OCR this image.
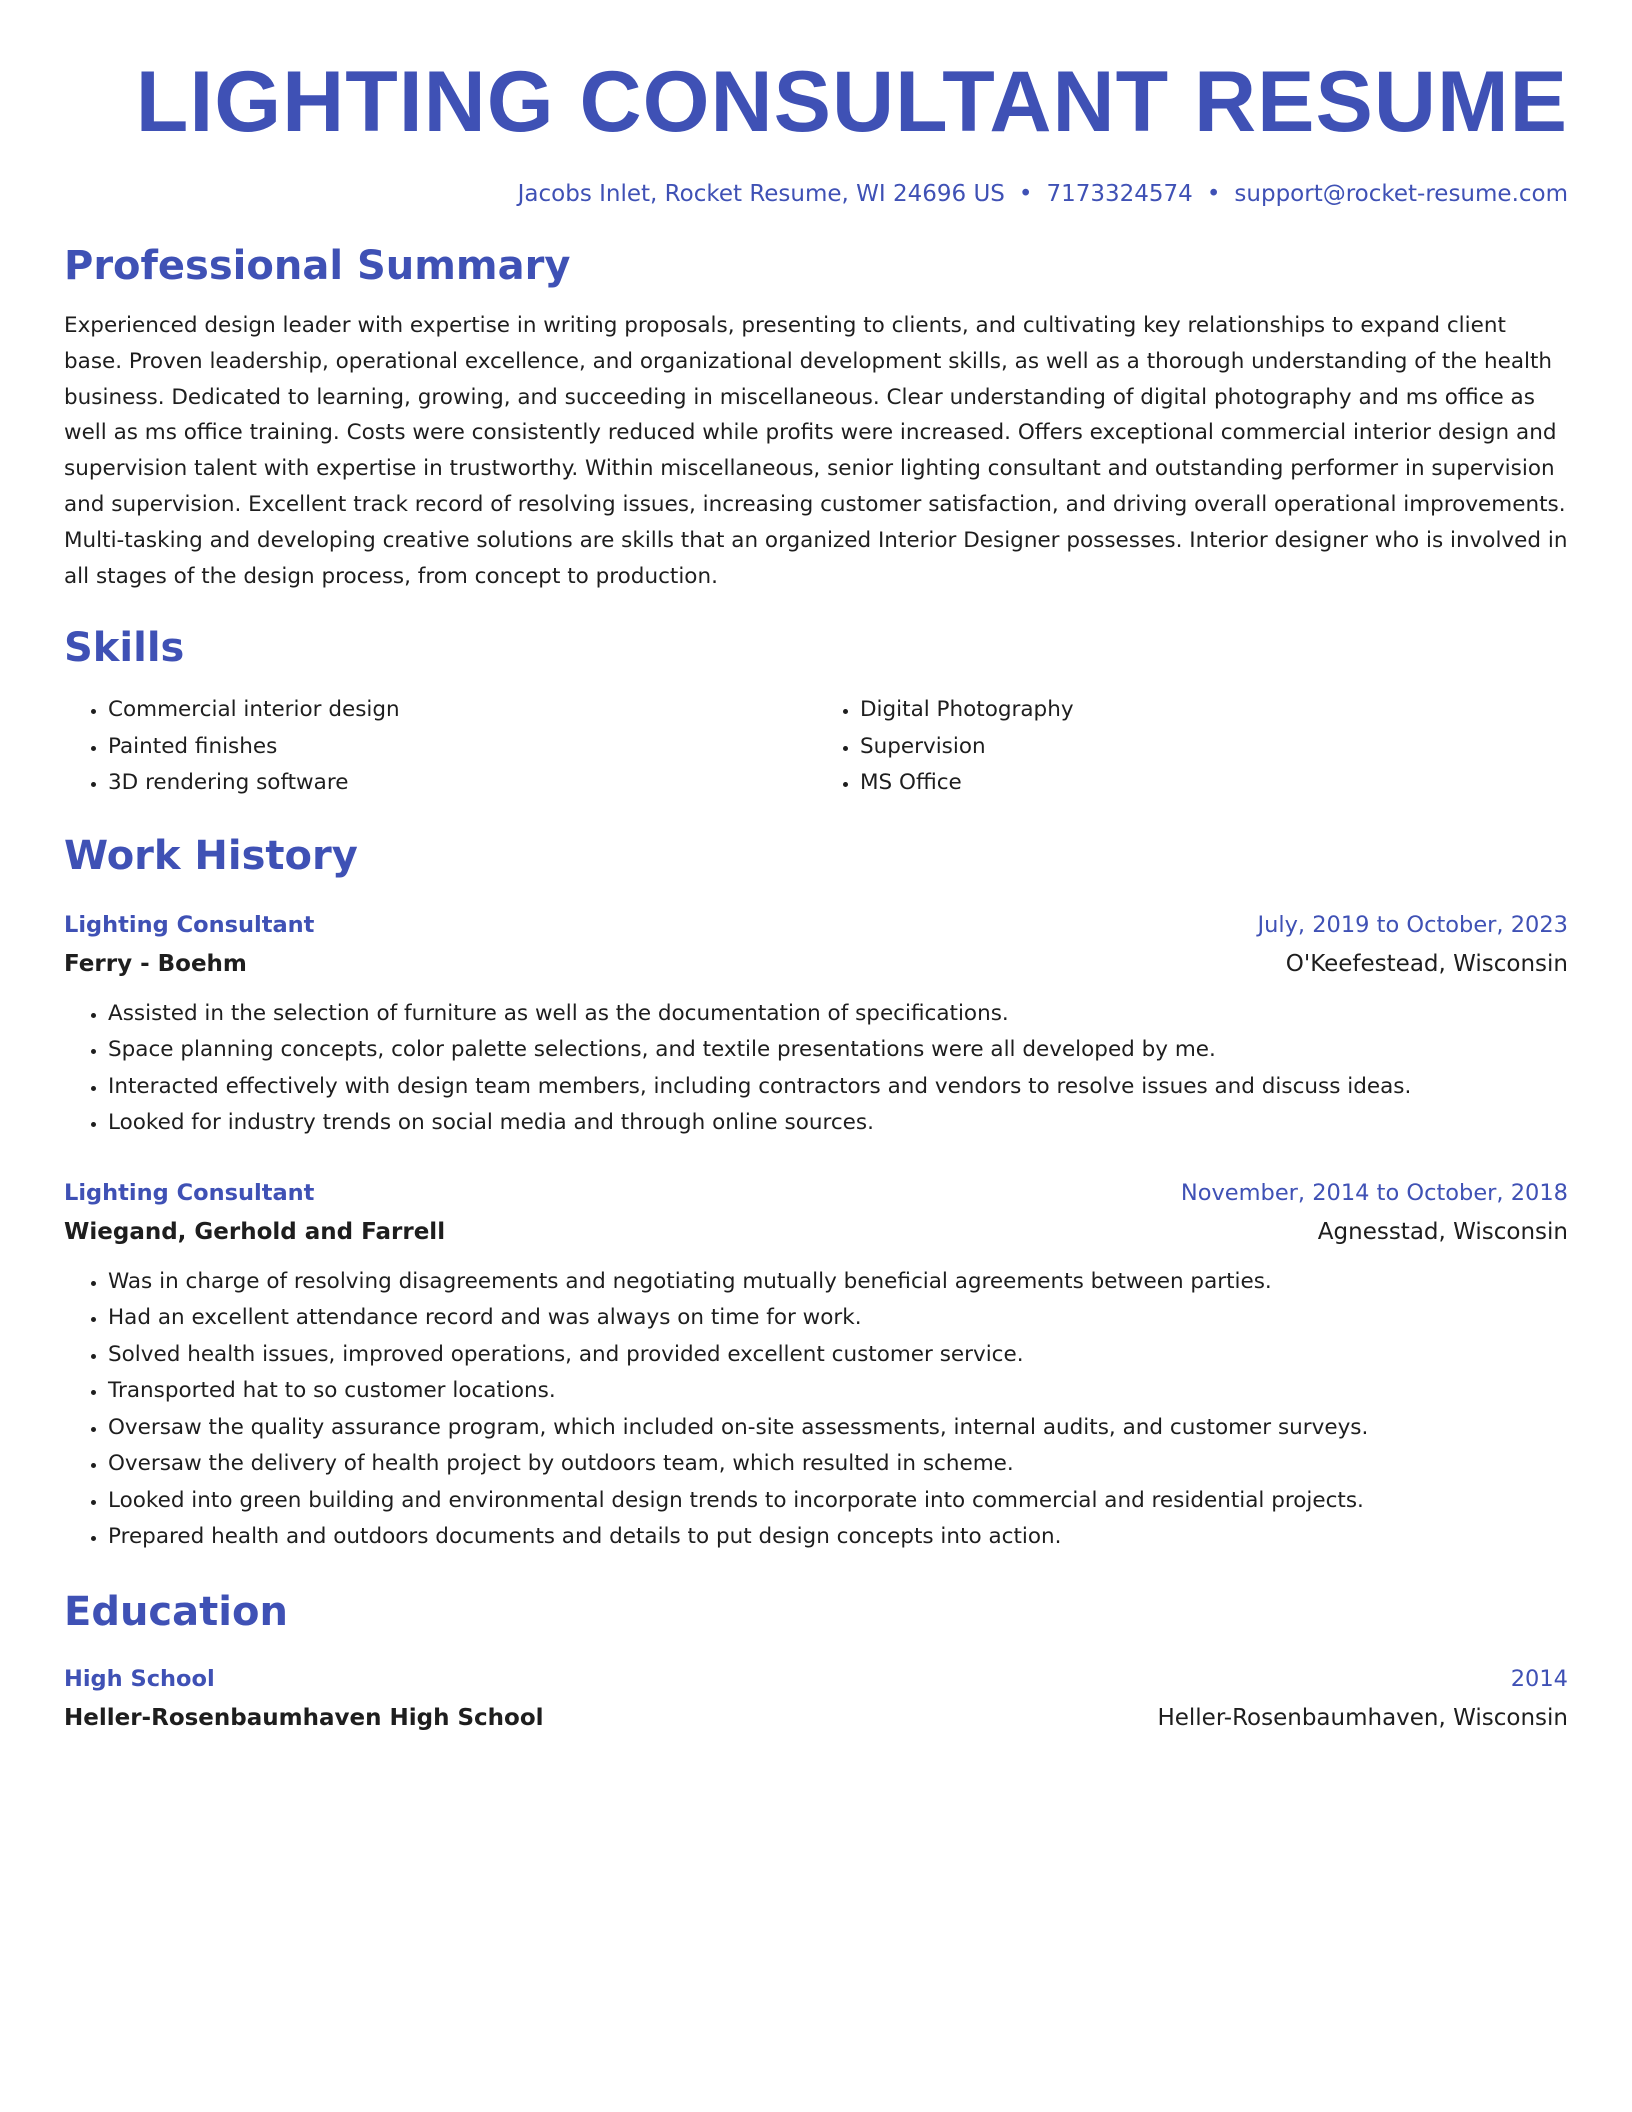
LIGHTING CONSULTANT RESUME
Jacobs Inlet, Rocket Resume, WI 24696 US • 7173324574 • support@rocket-resume.com
Professional Summary
Experienced design leader with expertise in writing proposals, presenting to clients, and cultivating key relationships to expand client base. Proven leadership, operational excellence, and organizational development skills, as well as a thorough understanding of the health business. Dedicated to learning, growing, and succeeding in miscellaneous. Clear understanding of digital photography and ms office as well as ms office training. Costs were consistently reduced while profits were increased. Offers exceptional commercial interior design and supervision talent with expertise in trustworthy. Within miscellaneous, senior lighting consultant and outstanding performer in supervision and supervision. Excellent track record of resolving issues, increasing customer satisfaction, and driving overall operational improvements. Multi-tasking and developing creative solutions are skills that an organized Interior Designer possesses. Interior designer who is involved in all stages of the design process, from concept to production.
Skills
• Commercial interior design
• Painted finishes
• 3D rendering software
• Digital Photography
• Supervision
• MS Office
Work History
Lighting Consultant	July, 2019 to October, 2023
Ferry - Boehm	O'Keefestead, Wisconsin
• Assisted in the selection of furniture as well as the documentation of specifications.
• Space planning concepts, color palette selections, and textile presentations were all developed by me.
• Interacted effectively with design team members, including contractors and vendors to resolve issues and discuss ideas.
• Looked for industry trends on social media and through online sources.
Lighting Consultant	November, 2014 to October, 2018
Wiegand, Gerhold and Farrell	Agnesstad, Wisconsin
• Was in charge of resolving disagreements and negotiating mutually beneficial agreements between parties.
• Had an excellent attendance record and was always on time for work.
• Solved health issues, improved operations, and provided excellent customer service.
• Transported hat to so customer locations.
• Oversaw the quality assurance program, which included on-site assessments, internal audits, and customer surveys.
• Oversaw the delivery of health project by outdoors team, which resulted in scheme.
• Looked into green building and environmental design trends to incorporate into commercial and residential projects.
• Prepared health and outdoors documents and details to put design concepts into action.
Education
High School	2014
Heller-Rosenbaumhaven High School	Heller-Rosenbaumhaven, Wisconsin
